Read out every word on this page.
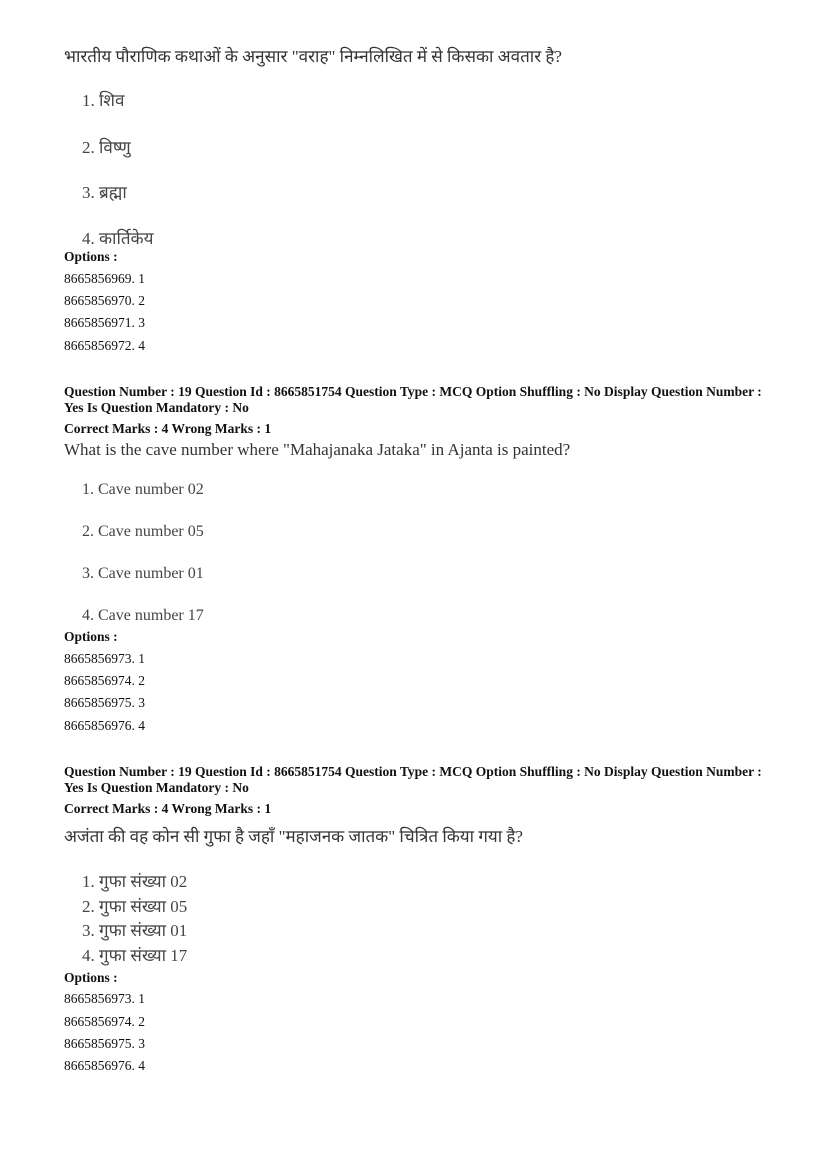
भारतीय पौराणिक कथाओं के अनुसार "वराह" निम्नलिखित में से किसका अवतार है?
1. शिव
2. विष्णु
3. ब्रह्मा
4. कार्तिकेय
Options :
8665856969. 1
8665856970. 2
8665856971. 3
8665856972. 4
Question Number : 19 Question Id : 8665851754 Question Type : MCQ Option Shuffling : No Display Question Number : Yes Is Question Mandatory : No
Correct Marks : 4 Wrong Marks : 1
What is the cave number where "Mahajanaka Jataka" in Ajanta is painted?
1. Cave number 02
2. Cave number 05
3. Cave number 01
4. Cave number 17
Options :
8665856973. 1
8665856974. 2
8665856975. 3
8665856976. 4
Question Number : 19 Question Id : 8665851754 Question Type : MCQ Option Shuffling : No Display Question Number : Yes Is Question Mandatory : No
Correct Marks : 4 Wrong Marks : 1
अजंता की वह कोन सी गुफा है जहाँ "महाजनक जातक" चित्रित किया गया है?
1. गुफा संख्या 02
2. गुफा संख्या 05
3. गुफा संख्या 01
4. गुफा संख्या 17
Options :
8665856973. 1
8665856974. 2
8665856975. 3
8665856976. 4
